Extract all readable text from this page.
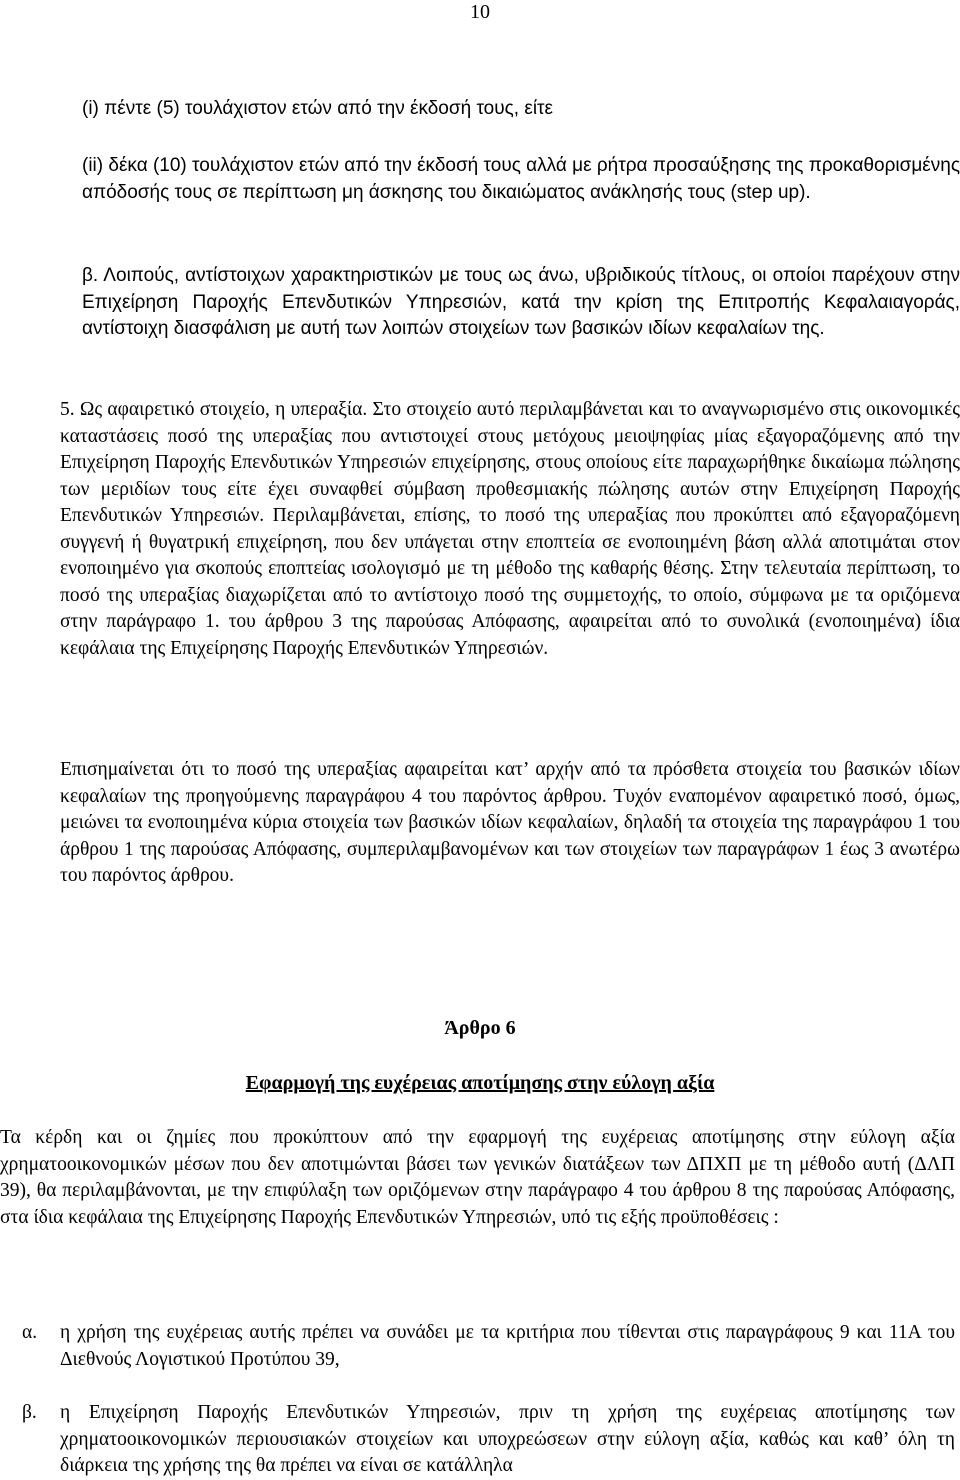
10

(i) πέντε (5) τουλάχιστον ετών από την έκδοσή τους, είτε

(ii) δέκα (10) τουλάχιστον ετών από την έκδοσή τους αλλά με ρήτρα προσαύξησης της προκαθορισμένης απόδοσής τους σε περίπτωση μη άσκησης του δικαιώματος ανάκλησής τους (step up).

β. Λοιπούς, αντίστοιχων χαρακτηριστικών με τους ως άνω, υβριδικούς τίτλους, οι οποίοι παρέχουν στην Επιχείρηση Παροχής Επενδυτικών Υπηρεσιών, κατά την κρίση της Επιτροπής Κεφαλαιαγοράς, αντίστοιχη διασφάλιση με αυτή των λοιπών στοιχείων των βασικών ιδίων κεφαλαίων της.

5. Ως αφαιρετικό στοιχείο, η υπεραξία. Στο στοιχείο αυτό περιλαμβάνεται και το αναγνωρισμένο στις οικονομικές καταστάσεις ποσό της υπεραξίας που αντιστοιχεί στους μετόχους μειοψηφίας μίας εξαγοραζόμενης από την Επιχείρηση Παροχής Επενδυτικών Υπηρεσιών επιχείρησης, στους οποίους είτε παραχωρήθηκε δικαίωμα πώλησης των μεριδίων τους είτε έχει συναφθεί σύμβαση προθεσμιακής πώλησης αυτών στην Επιχείρηση Παροχής Επενδυτικών Υπηρεσιών. Περιλαμβάνεται, επίσης, το ποσό της υπεραξίας που προκύπτει από εξαγοραζόμενη συγγενή ή θυγατρική επιχείρηση, που δεν υπάγεται στην εποπτεία σε ενοποιημένη βάση αλλά αποτιμάται στον ενοποιημένο για σκοπούς εποπτείας ισολογισμό με τη μέθοδο της καθαρής θέσης. Στην τελευταία περίπτωση, το ποσό της υπεραξίας διαχωρίζεται από το αντίστοιχο ποσό της συμμετοχής, το οποίο, σύμφωνα με τα οριζόμενα στην παράγραφο 1. του άρθρου 3 της παρούσας Απόφασης, αφαιρείται από το συνολικά (ενοποιημένα) ίδια κεφάλαια της Επιχείρησης Παροχής Επενδυτικών Υπηρεσιών.

Επισημαίνεται ότι το ποσό της υπεραξίας αφαιρείται κατ’ αρχήν από τα πρόσθετα στοιχεία του βασικών ιδίων κεφαλαίων της προηγούμενης παραγράφου 4 του παρόντος άρθρου. Τυχόν εναπομένον αφαιρετικό ποσό, όμως, μειώνει τα ενοποιημένα κύρια στοιχεία των βασικών ιδίων κεφαλαίων, δηλαδή τα στοιχεία της παραγράφου 1 του άρθρου 1 της παρούσας Απόφασης, συμπεριλαμβανομένων και των στοιχείων των παραγράφων 1 έως 3 ανωτέρω του παρόντος άρθρου.

Άρθρο 6
Εφαρμογή της ευχέρειας αποτίμησης στην εύλογη αξία

Τα κέρδη και οι ζημίες που προκύπτουν από την εφαρμογή της ευχέρειας αποτίμησης στην εύλογη αξία χρηματοοικονομικών μέσων που δεν αποτιμώνται βάσει των γενικών διατάξεων των ΔΠΧΠ με τη μέθοδο αυτή (ΔΛΠ 39), θα περιλαμβάνονται, με την επιφύλαξη των οριζόμενων στην παράγραφο 4 του άρθρου 8 της παρούσας Απόφασης, στα ίδια κεφάλαια της Επιχείρησης Παροχής Επενδυτικών Υπηρεσιών, υπό τις εξής προϋποθέσεις :

α. η χρήση της ευχέρειας αυτής πρέπει να συνάδει με τα κριτήρια που τίθενται στις παραγράφους 9 και 11Α του Διεθνούς Λογιστικού Προτύπου 39,

β. η Επιχείρηση Παροχής Επενδυτικών Υπηρεσιών, πριν τη χρήση της ευχέρειας αποτίμησης των χρηματοοικονομικών περιουσιακών στοιχείων και υποχρεώσεων στην εύλογη αξία, καθώς και καθ’ όλη τη διάρκεια της χρήσης της θα πρέπει να είναι σε κατάλληλα
